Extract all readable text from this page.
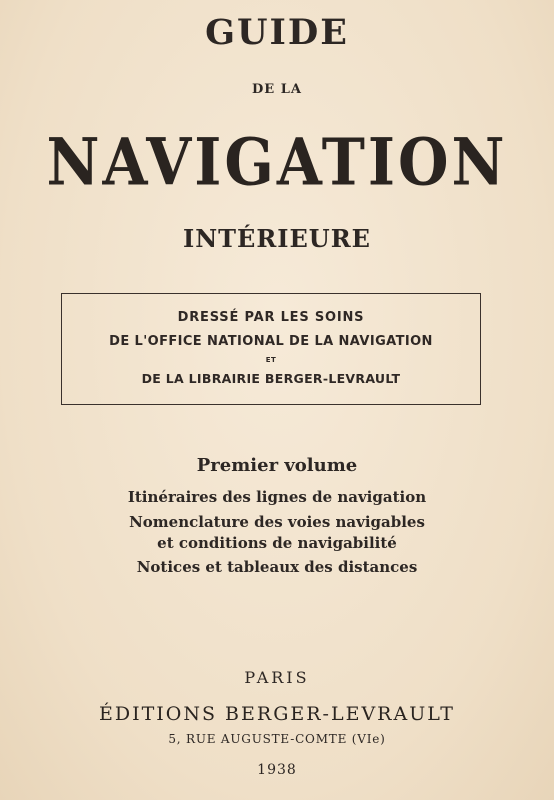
GUIDE
DE LA
NAVIGATION
INTÉRIEURE
DRESSÉ PAR LES SOINS
DE L'OFFICE NATIONAL DE LA NAVIGATION
ET
DE LA LIBRAIRIE BERGER-LEVRAULT
Premier volume
Itinéraires des lignes de navigation
Nomenclature des voies navigables
et conditions de navigabilité
Notices et tableaux des distances
PARIS
ÉDITIONS BERGER-LEVRAULT
5, RUE AUGUSTE-COMTE (VIe)
1938
